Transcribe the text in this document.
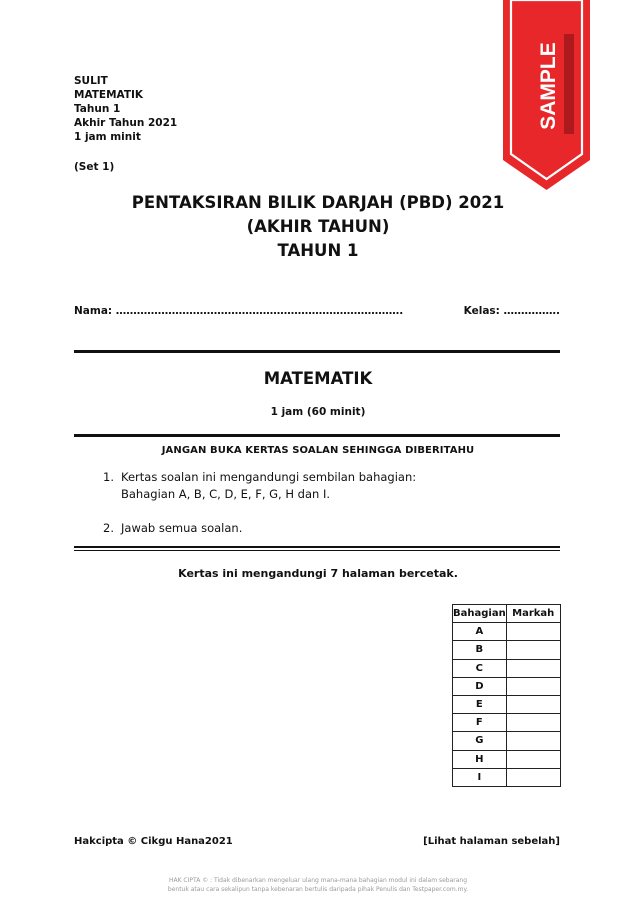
SULIT
MATEMATIK
Tahun 1
Akhir Tahun 2021
1 jam minit
(Set 1)
PENTAKSIRAN BILIK DARJAH (PBD) 2021
(AKHIR TAHUN)
TAHUN 1
Nama: ……………………………………………………………………….	Kelas: …………….
MATEMATIK
1 jam (60 minit)
JANGAN BUKA KERTAS SOALAN SEHINGGA DIBERITAHU
1. Kertas soalan ini mengandungi sembilan bahagian:
Bahagian A, B, C, D, E, F, G, H dan I.
2. Jawab semua soalan.
Kertas ini mengandungi 7 halaman bercetak.
Bahagian	Markah
A	
B	
C	
D	
E	
F	
G	
H	
I	
Hakcipta © Cikgu Hana2021	[Lihat halaman sebelah]
HAK CIPTA © : Tidak dibenarkan mengeluar ulang mana-mana bahagian modul ini dalam sebarang
bentuk atau cara sekalipun tanpa kebenaran bertulis daripada pihak Penulis dan Testpaper.com.my.
SAMPLE
